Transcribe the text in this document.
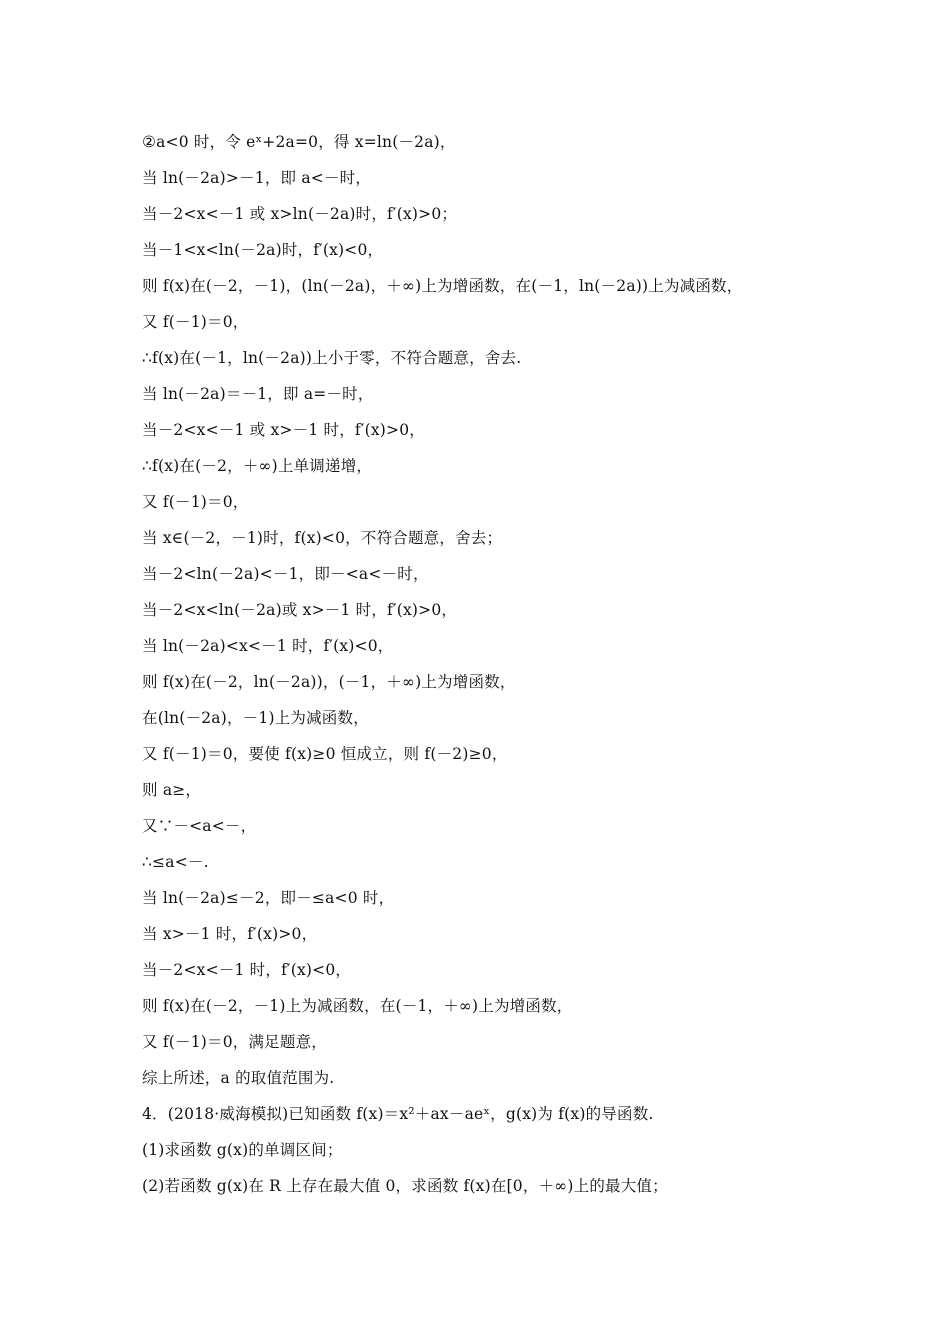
②a<0 时，令 eˣ+2a=0，得 x=ln(－2a)，
当 ln(－2a)>－1，即 a<－时，
当－2<x<－1 或 x>ln(－2a)时，f′(x)>0；
当－1<x<ln(－2a)时，f′(x)<0，
则 f(x)在(－2，－1)，(ln(－2a)，＋∞)上为增函数，在(－1，ln(－2a))上为减函数，
又 f(－1)＝0，
∴f(x)在(－1，ln(－2a))上小于零，不符合题意，舍去.
当 ln(－2a)＝－1，即 a=－时，
当－2<x<－1 或 x>－1 时，f′(x)>0，
∴f(x)在(－2，＋∞)上单调递增，
又 f(－1)＝0，
当 x∈(－2，－1)时，f(x)<0，不符合题意，舍去；
当－2<ln(－2a)<－1，即－<a<－时，
当－2<x<ln(－2a)或 x>－1 时，f′(x)>0，
当 ln(－2a)<x<－1 时，f′(x)<0，
则 f(x)在(－2，ln(－2a))，(－1，＋∞)上为增函数，
在(ln(－2a)，－1)上为减函数，
又 f(－1)＝0，要使 f(x)≥0 恒成立，则 f(－2)≥0，
则 a≥，
又∵－<a<－，
∴≤a<－.
当 ln(－2a)≤－2，即－≤a<0 时，
当 x>－1 时，f′(x)>0，
当－2<x<－1 时，f′(x)<0，
则 f(x)在(－2，－1)上为减函数，在(－1，＋∞)上为增函数，
又 f(－1)＝0，满足题意，
综上所述，a 的取值范围为.
4．(2018·威海模拟)已知函数 f(x)＝x²＋ax－aeˣ，g(x)为 f(x)的导函数.
(1)求函数 g(x)的单调区间；
(2)若函数 g(x)在 R 上存在最大值 0，求函数 f(x)在[0，＋∞)上的最大值；
